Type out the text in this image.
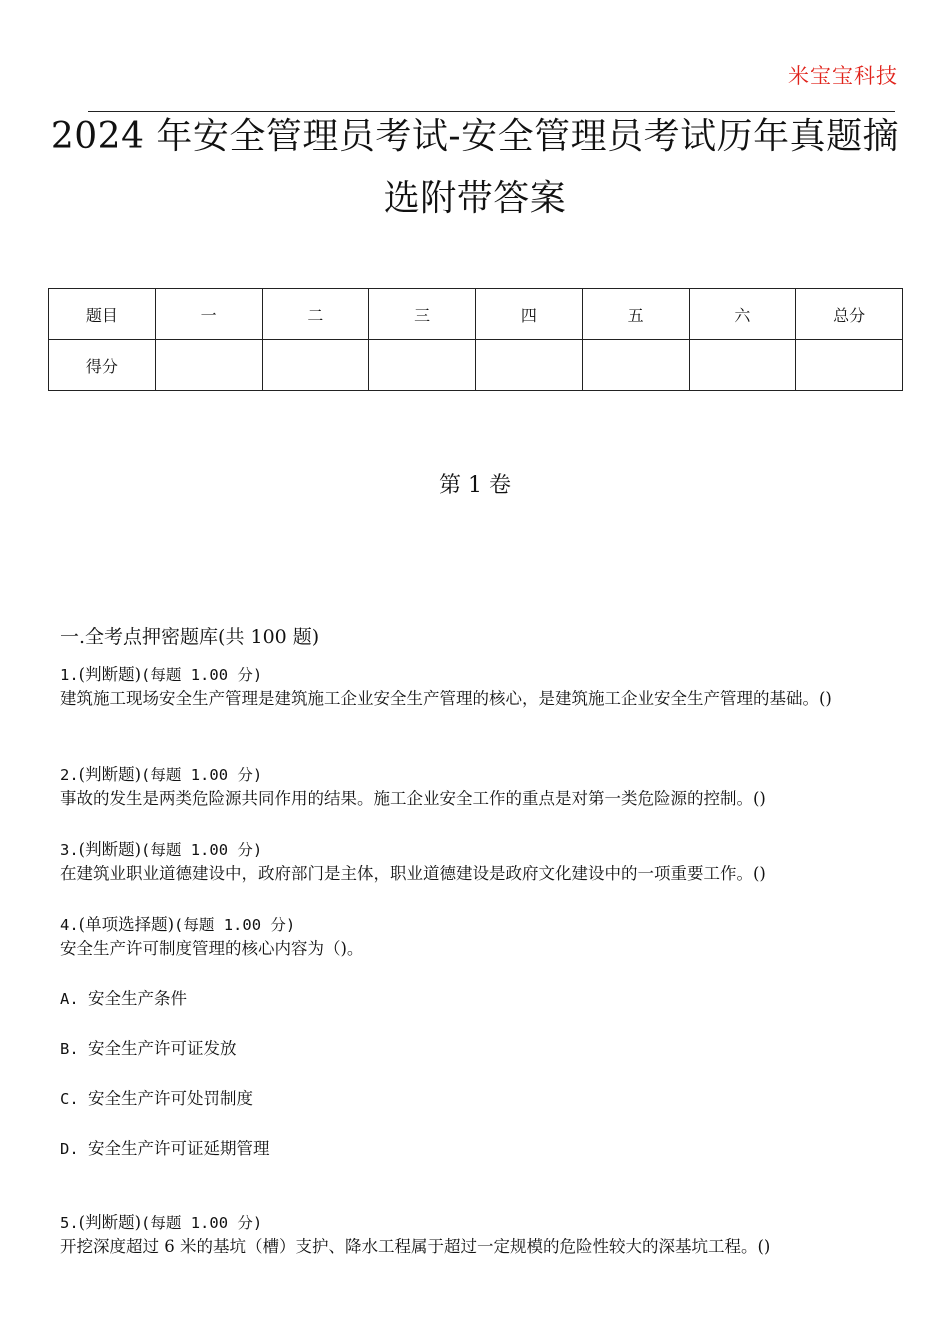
米宝宝科技
2024 年安全管理员考试-安全管理员考试历年真题摘选附带答案
题目	一	二	三	四	五	六	总分
得分							
第 1 卷
一.全考点押密题库(共 100 题)
1.(判断题)(每题 1.00 分)
建筑施工现场安全生产管理是建筑施工企业安全生产管理的核心，是建筑施工企业安全生产管理的基础。()
2.(判断题)(每题 1.00 分)
事故的发生是两类危险源共同作用的结果。施工企业安全工作的重点是对第一类危险源的控制。()
3.(判断题)(每题 1.00 分)
在建筑业职业道德建设中，政府部门是主体，职业道德建设是政府文化建设中的一项重要工作。()
4.(单项选择题)(每题 1.00 分)
安全生产许可制度管理的核心内容为（)。
A. 安全生产条件
B. 安全生产许可证发放
C. 安全生产许可处罚制度
D. 安全生产许可证延期管理
5.(判断题)(每题 1.00 分)
开挖深度超过 6 米的基坑（槽）支护、降水工程属于超过一定规模的危险性较大的深基坑工程。()
